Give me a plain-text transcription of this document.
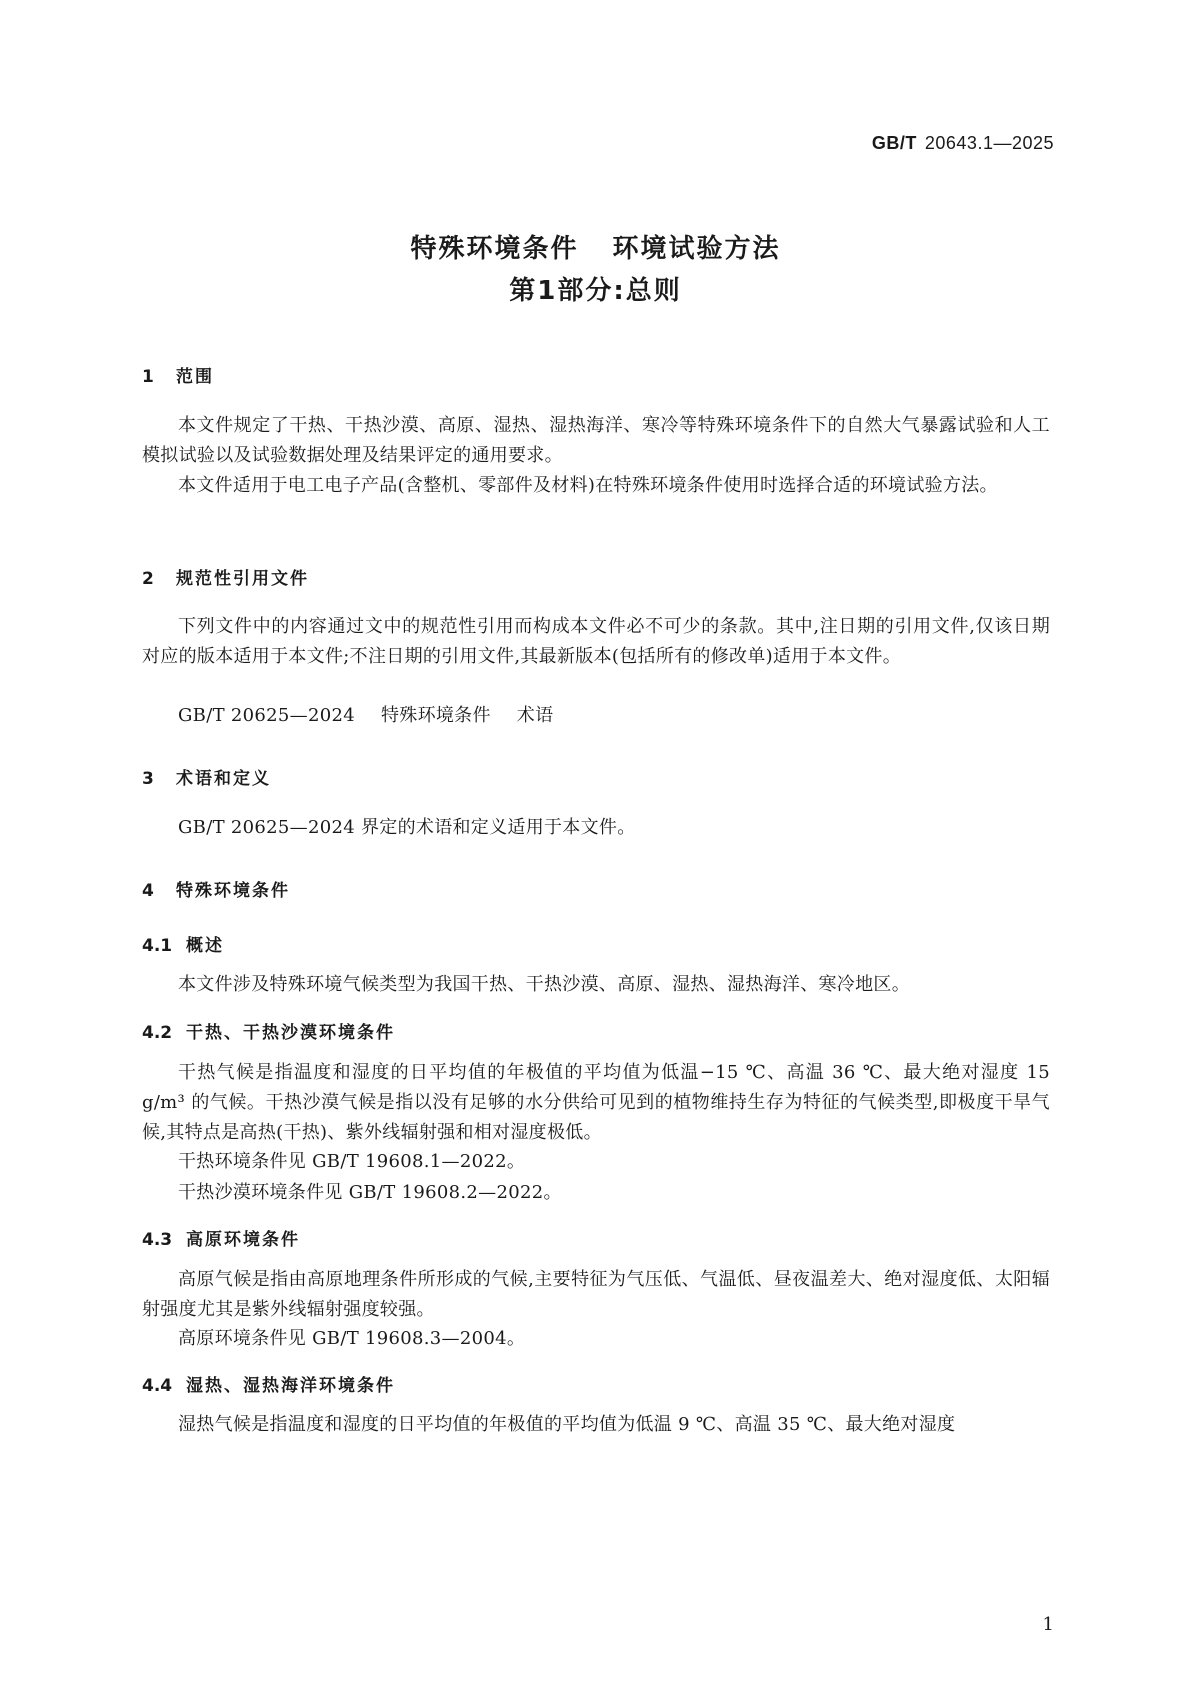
GB/T 20643.1—2025
特殊环境条件 环境试验方法
第1部分:总则
1 范围
本文件规定了干热、干热沙漠、高原、湿热、湿热海洋、寒冷等特殊环境条件下的自然大气暴露试验和人工模拟试验以及试验数据处理及结果评定的通用要求。
本文件适用于电工电子产品(含整机、零部件及材料)在特殊环境条件使用时选择合适的环境试验方法。
2 规范性引用文件
下列文件中的内容通过文中的规范性引用而构成本文件必不可少的条款。其中,注日期的引用文件,仅该日期对应的版本适用于本文件;不注日期的引用文件,其最新版本(包括所有的修改单)适用于本文件。
GB/T 20625—2024 特殊环境条件 术语
3 术语和定义
GB/T 20625—2024 界定的术语和定义适用于本文件。
4 特殊环境条件
4.1 概述
本文件涉及特殊环境气候类型为我国干热、干热沙漠、高原、湿热、湿热海洋、寒冷地区。
4.2 干热、干热沙漠环境条件
干热气候是指温度和湿度的日平均值的年极值的平均值为低温−15 ℃、高温 36 ℃、最大绝对湿度 15 g/m³ 的气候。干热沙漠气候是指以没有足够的水分供给可见到的植物维持生存为特征的气候类型,即极度干旱气候,其特点是高热(干热)、紫外线辐射强和相对湿度极低。
干热环境条件见 GB/T 19608.1—2022。
干热沙漠环境条件见 GB/T 19608.2—2022。
4.3 高原环境条件
高原气候是指由高原地理条件所形成的气候,主要特征为气压低、气温低、昼夜温差大、绝对湿度低、太阳辐射强度尤其是紫外线辐射强度较强。
高原环境条件见 GB/T 19608.3—2004。
4.4 湿热、湿热海洋环境条件
湿热气候是指温度和湿度的日平均值的年极值的平均值为低温 9 ℃、高温 35 ℃、最大绝对湿度
1
